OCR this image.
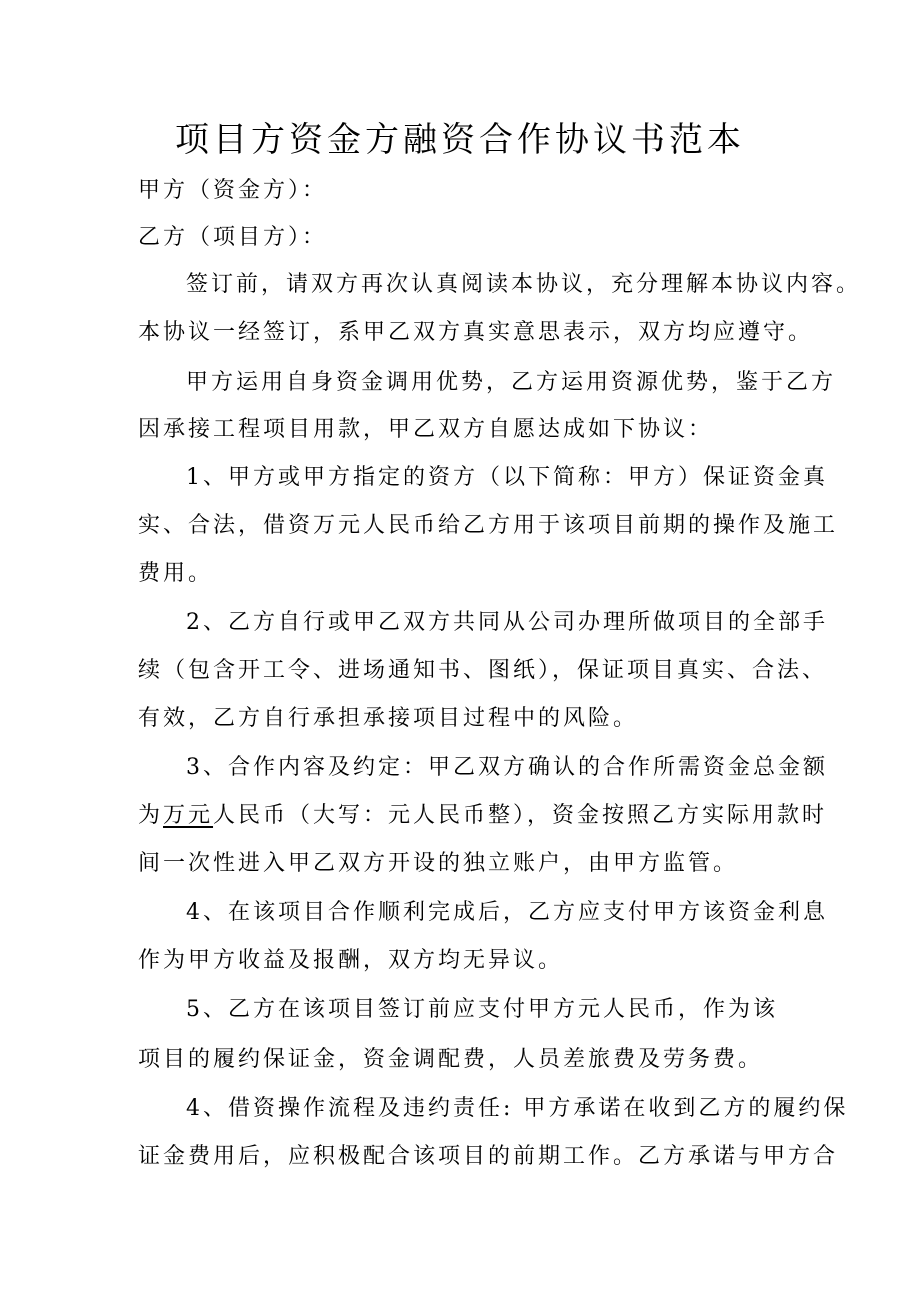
项目方资金方融资合作协议书范本
甲方（资金方）：
乙方（项目方）：
签订前，请双方再次认真阅读本协议，充分理解本协议内容。
本协议一经签订，系甲乙双方真实意思表示，双方均应遵守。
甲方运用自身资金调用优势，乙方运用资源优势，鉴于乙方
因承接工程项目用款，甲乙双方自愿达成如下协议：
1、甲方或甲方指定的资方（以下简称：甲方）保证资金真
实、合法，借资万元人民币给乙方用于该项目前期的操作及施工
费用。
2、乙方自行或甲乙双方共同从公司办理所做项目的全部手
续（包含开工令、进场通知书、图纸），保证项目真实、合法、
有效，乙方自行承担承接项目过程中的风险。
3、合作内容及约定：甲乙双方确认的合作所需资金总金额
为万元人民币（大写：元人民币整），资金按照乙方实际用款时
间一次性进入甲乙双方开设的独立账户，由甲方监管。
4、在该项目合作顺利完成后，乙方应支付甲方该资金利息
作为甲方收益及报酬，双方均无异议。
5、乙方在该项目签订前应支付甲方元人民币，作为该
项目的履约保证金，资金调配费，人员差旅费及劳务费。
4、借资操作流程及违约责任: 甲方承诺在收到乙方的履约保
证金费用后，应积极配合该项目的前期工作。乙方承诺与甲方合
